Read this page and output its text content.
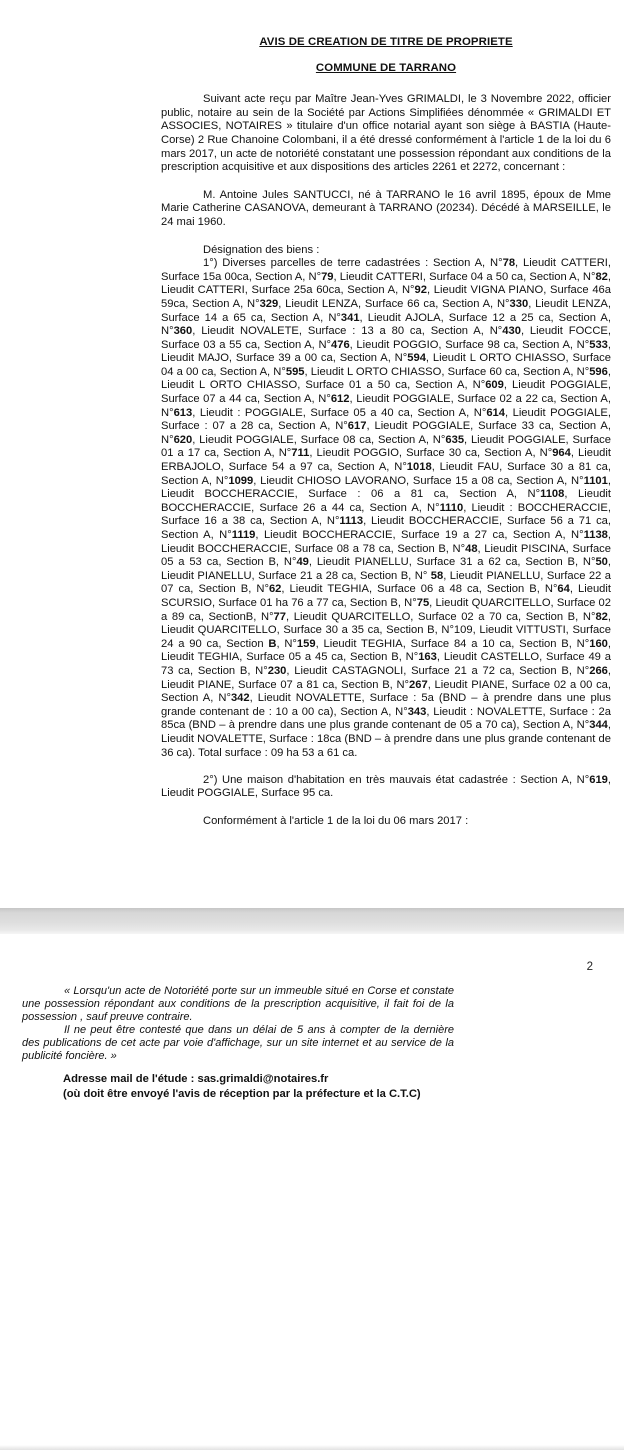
AVIS DE CREATION DE TITRE DE PROPRIETE
COMMUNE DE TARRANO

Suivant acte reçu par Maître Jean-Yves GRIMALDI, le 3 Novembre 2022, officier public, notaire au sein de la Société par Actions Simplifiées dénommée « GRIMALDI ET ASSOCIES, NOTAIRES » titulaire d'un office notarial ayant son siège à BASTIA (Haute-Corse) 2 Rue Chanoine Colombani, il a été dressé conformément à l'article 1 de la loi du 6 mars 2017, un acte de notoriété constatant une possession répondant aux conditions de la prescription acquisitive et aux dispositions des articles 2261 et 2272, concernant :

M. Antoine Jules SANTUCCI, né à TARRANO le 16 avril 1895, époux de Mme Marie Catherine CASANOVA, demeurant à TARRANO (20234). Décédé à MARSEILLE, le 24 mai 1960.

Désignation des biens :

1°) Diverses parcelles de terre cadastrées : Section A, N°78, Lieudit CATTERI, Surface 15a 00ca, Section A, N°79, Lieudit CATTERI, Surface 04 a 50 ca, Section A, N°82, Lieudit CATTERI, Surface 25a 60ca, Section A, N°92, Lieudit VIGNA PIANO, Surface 46a 59ca, Section A, N°329, Lieudit LENZA, Surface 66 ca, Section A, N°330, Lieudit LENZA, Surface 14 a 65 ca, Section A, N°341, Lieudit AJOLA, Surface 12 a 25 ca, Section A, N°360, Lieudit NOVALETE, Surface : 13 a 80 ca, Section A, N°430, Lieudit FOCCE, Surface 03 a 55 ca, Section A, N°476, Lieudit POGGIO, Surface 98 ca, Section A, N°533, Lieudit MAJO, Surface 39 a 00 ca, Section A, N°594, Lieudit L ORTO CHIASSO, Surface 04 a 00 ca, Section A, N°595, Lieudit L ORTO CHIASSO, Surface 60 ca, Section A, N°596, Lieudit L ORTO CHIASSO, Surface 01 a 50 ca, Section A, N°609, Lieudit POGGIALE, Surface 07 a 44 ca, Section A, N°612, Lieudit POGGIALE, Surface 02 a 22 ca, Section A, N°613, Lieudit : POGGIALE, Surface 05 a 40 ca, Section A, N°614, Lieudit POGGIALE, Surface : 07 a 28 ca, Section A, N°617, Lieudit POGGIALE, Surface 33 ca, Section A, N°620, Lieudit POGGIALE, Surface 08 ca, Section A, N°635, Lieudit POGGIALE, Surface 01 a 17 ca, Section A, N°711, Lieudit POGGIO, Surface 30 ca, Section A, N°964, Lieudit ERBAJOLO, Surface 54 a 97 ca, Section A, N°1018, Lieudit FAU, Surface 30 a 81 ca, Section A, N°1099, Lieudit CHIOSO LAVORANO, Surface 15 a 08 ca, Section A, N°1101, Lieudit BOCCHERACCIE, Surface : 06 a 81 ca, Section A, N°1108, Lieudit BOCCHERACCIE, Surface 26 a 44 ca, Section A, N°1110, Lieudit : BOCCHERACCIE, Surface 16 a 38 ca, Section A, N°1113, Lieudit BOCCHERACCIE, Surface 56 a 71 ca, Section A, N°1119, Lieudit BOCCHERACCIE, Surface 19 a 27 ca, Section A, N°1138, Lieudit BOCCHERACCIE, Surface 08 a 78 ca, Section B, N°48, Lieudit PISCINA, Surface 05 a 53 ca, Section B, N°49, Lieudit PIANELLU, Surface 31 a 62 ca, Section B, N°50, Lieudit PIANELLU, Surface 21 a 28 ca, Section B, N° 58, Lieudit PIANELLU, Surface 22 a 07 ca, Section B, N°62, Lieudit TEGHIA, Surface 06 a 48 ca, Section B, N°64, Lieudit SCURSIO, Surface 01 ha 76 a 77 ca, Section B, N°75, Lieudit QUARCITELLO, Surface 02 a 89 ca, SectionB, N°77, Lieudit QUARCITELLO, Surface 02 a 70 ca, Section B, N°82, Lieudit QUARCITELLO, Surface 30 a 35 ca, Section B, N°109, Lieudit VITTUSTI, Surface 24 a 90 ca, Section B, N°159, Lieudit TEGHIA, Surface 84 a 10 ca, Section B, N°160, Lieudit TEGHIA, Surface 05 a 45 ca, Section B, N°163, Lieudit CASTELLO, Surface 49 a 73 ca, Section B, N°230, Lieudit CASTAGNOLI, Surface 21 a 72 ca, Section B, N°266, Lieudit PIANE, Surface 07 a 81 ca, Section B, N°267, Lieudit PIANE, Surface 02 a 00 ca, Section A, N°342, Lieudit NOVALETTE, Surface : 5a (BND – à prendre dans une plus grande contenant de : 10 a 00 ca), Section A, N°343, Lieudit : NOVALETTE, Surface : 2a 85ca (BND – à prendre dans une plus grande contenant de 05 a 70 ca), Section A, N°344, Lieudit NOVALETTE, Surface : 18ca (BND – à prendre dans une plus grande contenant de 36 ca). Total surface : 09 ha 53 a 61 ca.

2°) Une maison d'habitation en très mauvais état cadastrée : Section A, N°619, Lieudit POGGIALE, Surface 95 ca.

Conformément à l'article 1 de la loi du 06 mars 2017 :

2

« Lorsqu'un acte de Notoriété porte sur un immeuble situé en Corse et constate une possession répondant aux conditions de la prescription acquisitive, il fait foi de la possession , sauf preuve contraire.

Il ne peut être contesté que dans un délai de 5 ans à compter de la dernière des publications de cet acte par voie d'affichage, sur un site internet et au service de la publicité foncière. »

Adresse mail de l'étude : sas.grimaldi@notaires.fr

(où doit être envoyé l'avis de réception par la préfecture et la C.T.C)
